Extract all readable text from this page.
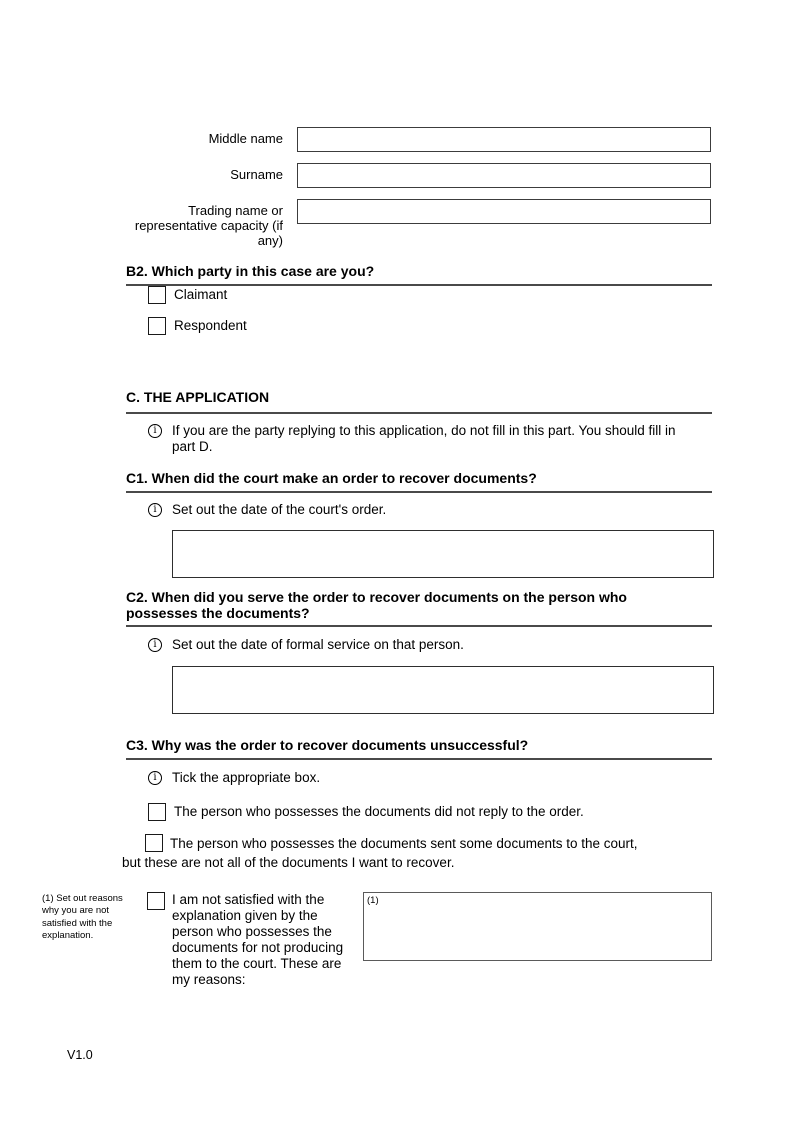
Middle name
Surname
Trading name or representative capacity (if any)
B2. Which party in this case are you?
Claimant
Respondent
C. THE APPLICATION
i	If you are the party replying to this application, do not fill in this part. You should fill in part D.
C1. When did the court make an order to recover documents?
i	Set out the date of the court's order.
C2. When did you serve the order to recover documents on the person who possesses the documents?
i	Set out the date of formal service on that person.
C3. Why was the order to recover documents unsuccessful?
i	Tick the appropriate box.
The person who possesses the documents did not reply to the order.
The person who possesses the documents sent some documents to the court, but these are not all of the documents I want to recover.
(1) Set out reasons why you are not satisfied with the explanation.
I am not satisfied with the explanation given by the person who possesses the documents for not producing them to the court. These are my reasons:
(1)
V1.0
